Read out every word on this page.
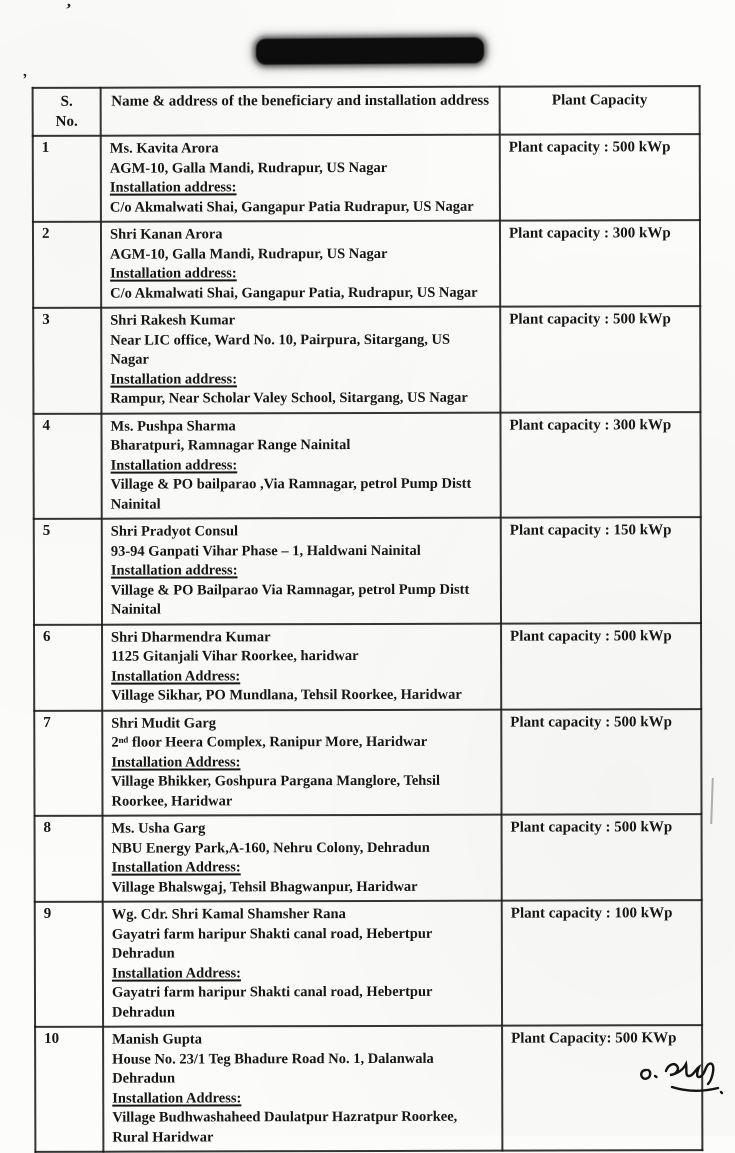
’
‚
S.
No.	Name & address of the beneficiary and installation address	Plant Capacity
1	Ms. Kavita Arora
AGM-10, Galla Mandi, Rudrapur, US Nagar
Installation address:
C/o Akmalwati Shai, Gangapur Patia Rudrapur, US Nagar	Plant capacity : 500 kWp
2	Shri Kanan Arora
AGM-10, Galla Mandi, Rudrapur, US Nagar
Installation address:
C/o Akmalwati Shai, Gangapur Patia, Rudrapur, US Nagar	Plant capacity : 300 kWp
3	Shri Rakesh Kumar
Near LIC office, Ward No. 10, Pairpura, Sitargang, US Nagar
Installation address:
Rampur, Near Scholar Valey School, Sitargang, US Nagar	Plant capacity : 500 kWp
4	Ms. Pushpa Sharma
Bharatpuri, Ramnagar Range Nainital
Installation address:
Village & PO bailparao ,Via Ramnagar, petrol Pump Distt Nainital	Plant capacity : 300 kWp
5	Shri Pradyot Consul
93-94 Ganpati Vihar Phase – 1, Haldwani Nainital
Installation address:
Village & PO Bailparao Via Ramnagar, petrol Pump Distt Nainital	Plant capacity : 150 kWp
6	Shri Dharmendra Kumar
1125 Gitanjali Vihar Roorkee, haridwar
Installation Address:
Village Sikhar, PO Mundlana, Tehsil Roorkee, Haridwar	Plant capacity : 500 kWp
7	Shri Mudit Garg
2ⁿᵈ floor Heera Complex, Ranipur More, Haridwar
Installation Address:
Village Bhikker, Goshpura Pargana Manglore, Tehsil Roorkee, Haridwar	Plant capacity : 500 kWp
8	Ms. Usha Garg
NBU Energy Park,A-160, Nehru Colony, Dehradun
Installation Address:
Village Bhalswgaj, Tehsil Bhagwanpur, Haridwar	Plant capacity : 500 kWp
9	Wg. Cdr. Shri Kamal Shamsher Rana
Gayatri farm haripur Shakti canal road, Hebertpur Dehradun
Installation Address:
Gayatri farm haripur Shakti canal road, Hebertpur Dehradun	Plant capacity : 100 kWp
10	Manish Gupta
House No. 23/1 Teg Bhadure Road No. 1, Dalanwala Dehradun
Installation Address:
Village Budhwashaheed Daulatpur Hazratpur Roorkee, Rural Haridwar	Plant Capacity: 500 KWp
